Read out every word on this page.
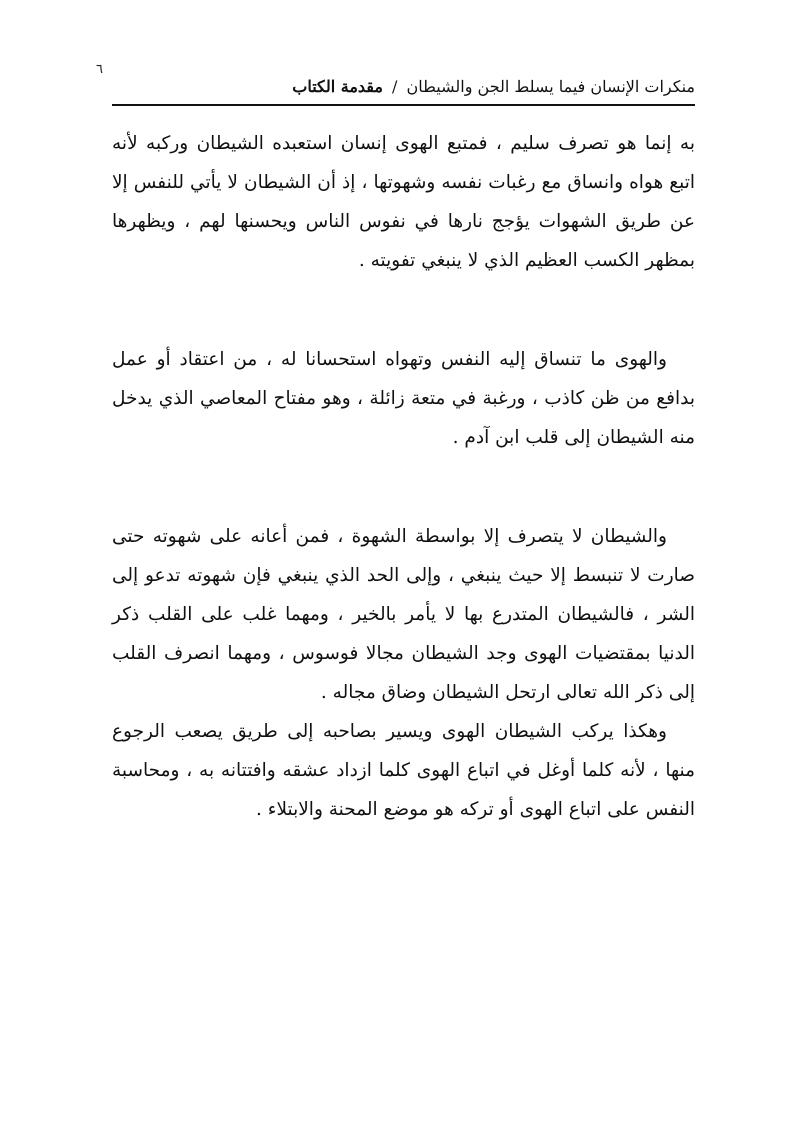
٦
منكرات الإنسان فيما يسلط الجن والشيطان / مقدمة الكتاب

به إنما هو تصرف سليم ، فمتبع الهوى إنسان استعبده الشيطان وركبه لأنه اتبع هواه وانساق مع رغبات نفسه وشهوتها ، إذ أن الشيطان لا يأتي للنفس إلا عن طريق الشهوات يؤجج نارها في نفوس الناس ويحسنها لهم ، ويظهرها بمظهر الكسب العظيم الذي لا ينبغي تفويته .

والهوى ما تنساق إليه النفس وتهواه استحسانا له ، من اعتقاد أو عمل بدافع من ظن كاذب ، ورغبة في متعة زائلة ، وهو مفتاح المعاصي الذي يدخل منه الشيطان إلى قلب ابن آدم .

والشيطان لا يتصرف إلا بواسطة الشهوة ، فمن أعانه على شهوته حتى صارت لا تنبسط إلا حيث ينبغي ، وإلى الحد الذي ينبغي فإن شهوته تدعو إلى الشر ، فالشيطان المتدرع بها لا يأمر بالخير ، ومهما غلب على القلب ذكر الدنيا بمقتضيات الهوى وجد الشيطان مجالا فوسوس ، ومهما انصرف القلب إلى ذكر الله تعالى ارتحل الشيطان وضاق مجاله .

وهكذا يركب الشيطان الهوى ويسير بصاحبه إلى طريق يصعب الرجوع منها ، لأنه كلما أوغل في اتباع الهوى كلما ازداد عشقه وافتتانه به ، ومحاسبة النفس على اتباع الهوى أو تركه هو موضع المحنة والابتلاء .
